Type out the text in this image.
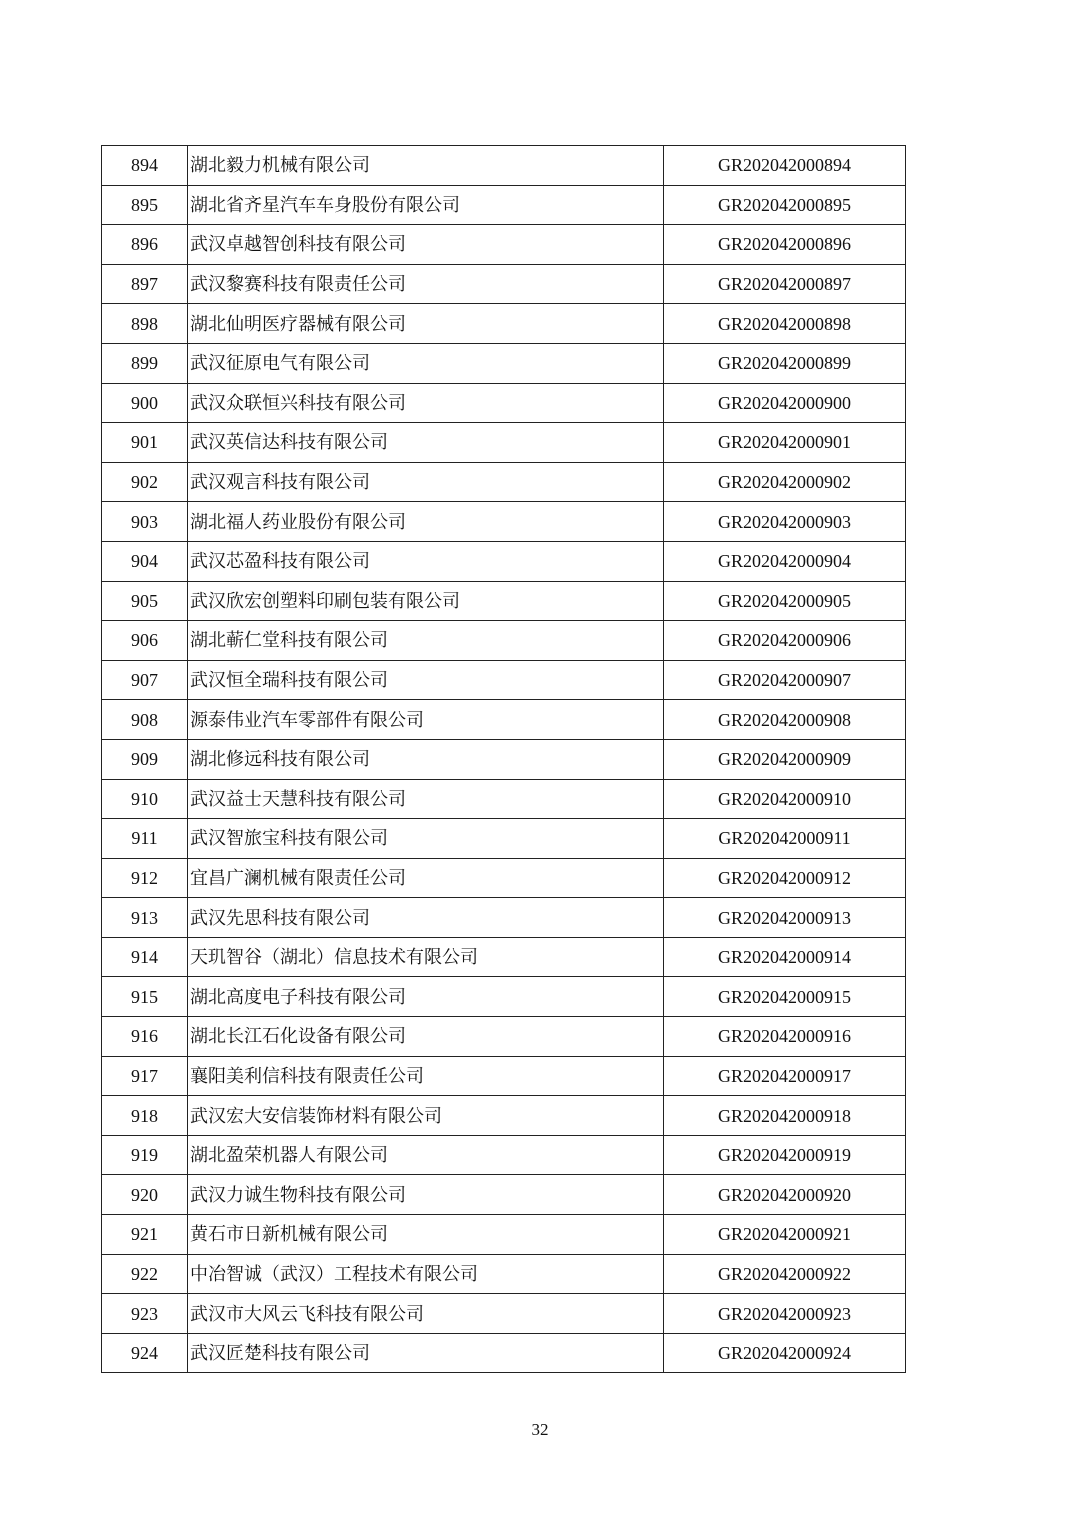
894	湖北毅力机械有限公司	GR202042000894
895	湖北省齐星汽车车身股份有限公司	GR202042000895
896	武汉卓越智创科技有限公司	GR202042000896
897	武汉黎赛科技有限责任公司	GR202042000897
898	湖北仙明医疗器械有限公司	GR202042000898
899	武汉征原电气有限公司	GR202042000899
900	武汉众联恒兴科技有限公司	GR202042000900
901	武汉英信达科技有限公司	GR202042000901
902	武汉观言科技有限公司	GR202042000902
903	湖北福人药业股份有限公司	GR202042000903
904	武汉芯盈科技有限公司	GR202042000904
905	武汉欣宏创塑料印刷包装有限公司	GR202042000905
906	湖北蕲仁堂科技有限公司	GR202042000906
907	武汉恒全瑞科技有限公司	GR202042000907
908	源泰伟业汽车零部件有限公司	GR202042000908
909	湖北修远科技有限公司	GR202042000909
910	武汉益士天慧科技有限公司	GR202042000910
911	武汉智旅宝科技有限公司	GR202042000911
912	宜昌广澜机械有限责任公司	GR202042000912
913	武汉先思科技有限公司	GR202042000913
914	天玑智谷（湖北）信息技术有限公司	GR202042000914
915	湖北高度电子科技有限公司	GR202042000915
916	湖北长江石化设备有限公司	GR202042000916
917	襄阳美利信科技有限责任公司	GR202042000917
918	武汉宏大安信装饰材料有限公司	GR202042000918
919	湖北盈荣机器人有限公司	GR202042000919
920	武汉力诚生物科技有限公司	GR202042000920
921	黄石市日新机械有限公司	GR202042000921
922	中冶智诚（武汉）工程技术有限公司	GR202042000922
923	武汉市大风云飞科技有限公司	GR202042000923
924	武汉匠楚科技有限公司	GR202042000924
32
